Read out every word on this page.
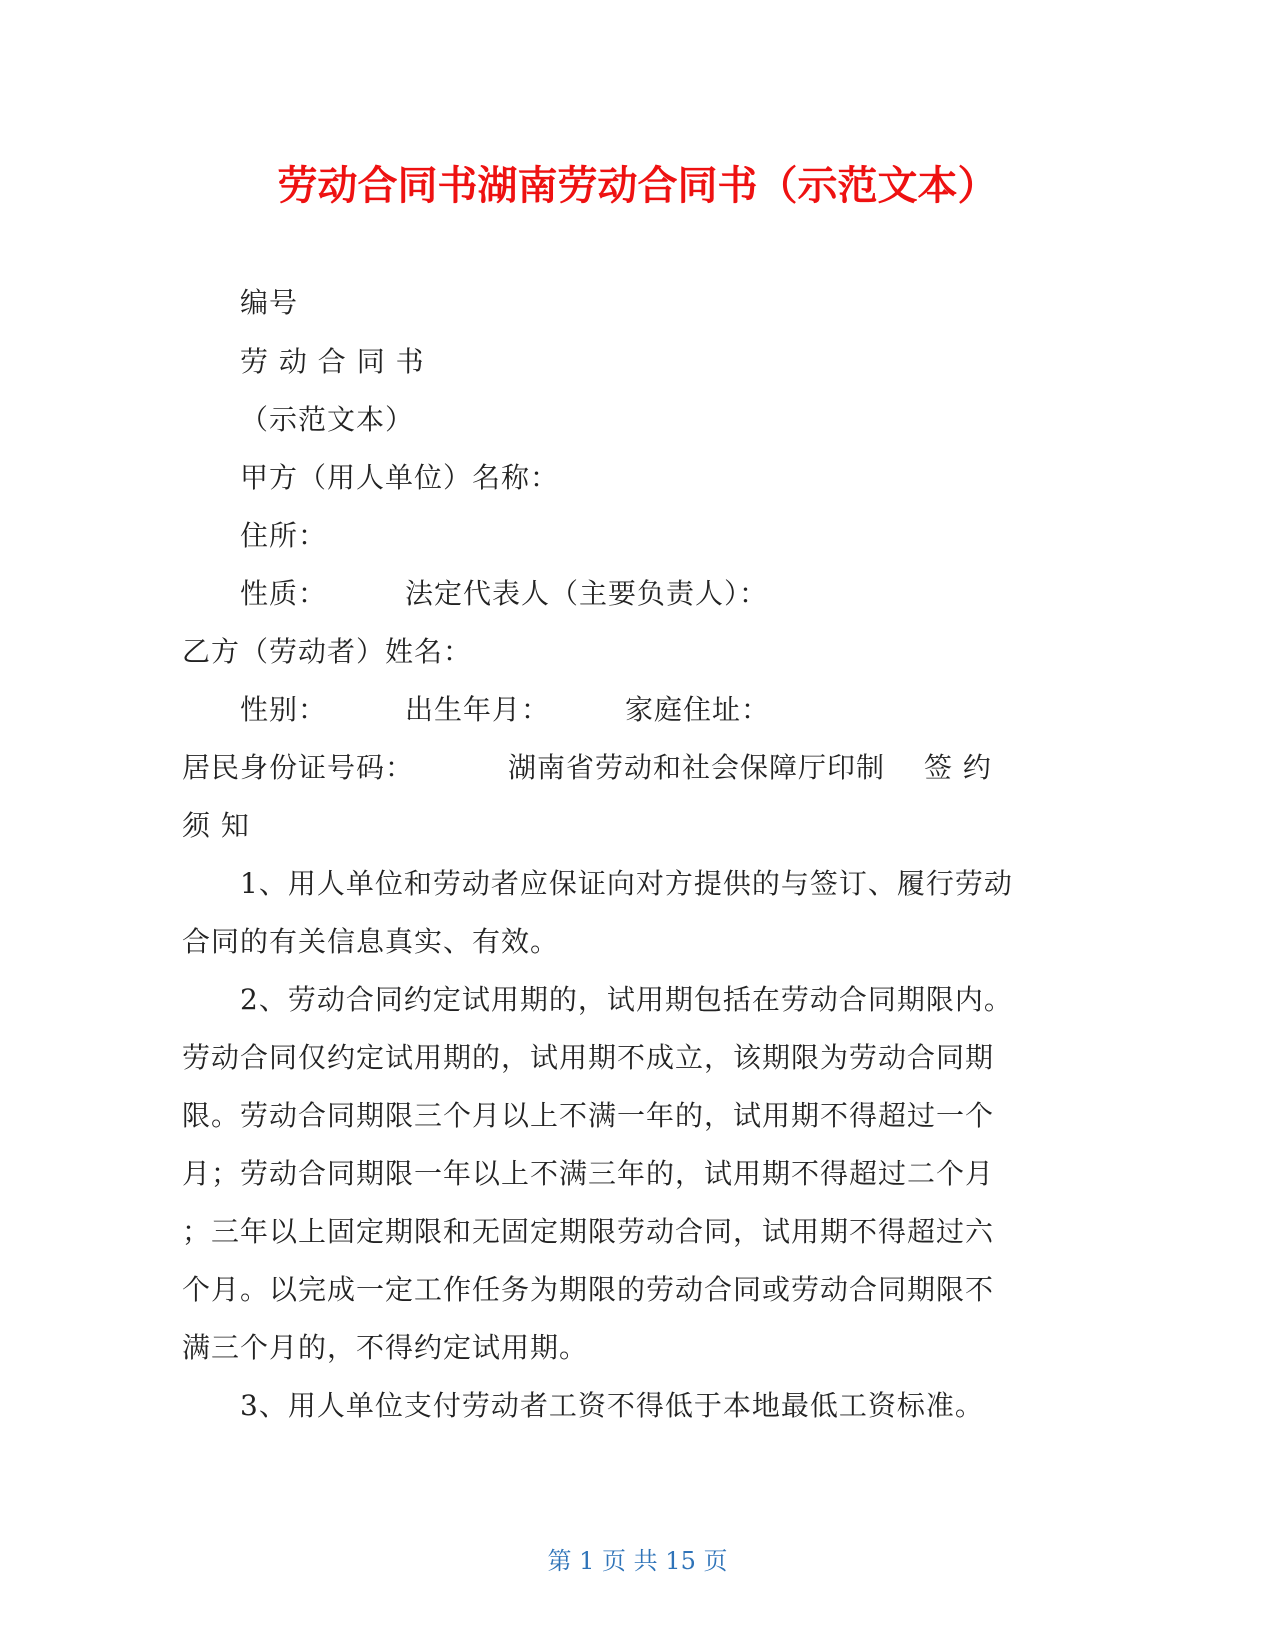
劳动合同书湖南劳动合同书（示范文本）
编号
劳 动 合 同 书
（示范文本）
甲方（用人单位）名称：
住所：
性质：	法定代表人（主要负责人）：
乙方（劳动者）姓名：
性别：	出生年月：	家庭住址：
居民身份证号码：	湖南省劳动和社会保障厅印制 签 约
须 知
1、用人单位和劳动者应保证向对方提供的与签订、履行劳动
合同的有关信息真实、有效。
2、劳动合同约定试用期的，试用期包括在劳动合同期限内。
劳动合同仅约定试用期的，试用期不成立，该期限为劳动合同期
限。劳动合同期限三个月以上不满一年的，试用期不得超过一个
月；劳动合同期限一年以上不满三年的，试用期不得超过二个月
；三年以上固定期限和无固定期限劳动合同，试用期不得超过六
个月。以完成一定工作任务为期限的劳动合同或劳动合同期限不
满三个月的，不得约定试用期。
3、用人单位支付劳动者工资不得低于本地最低工资标准。
第 1 页 共 15 页
